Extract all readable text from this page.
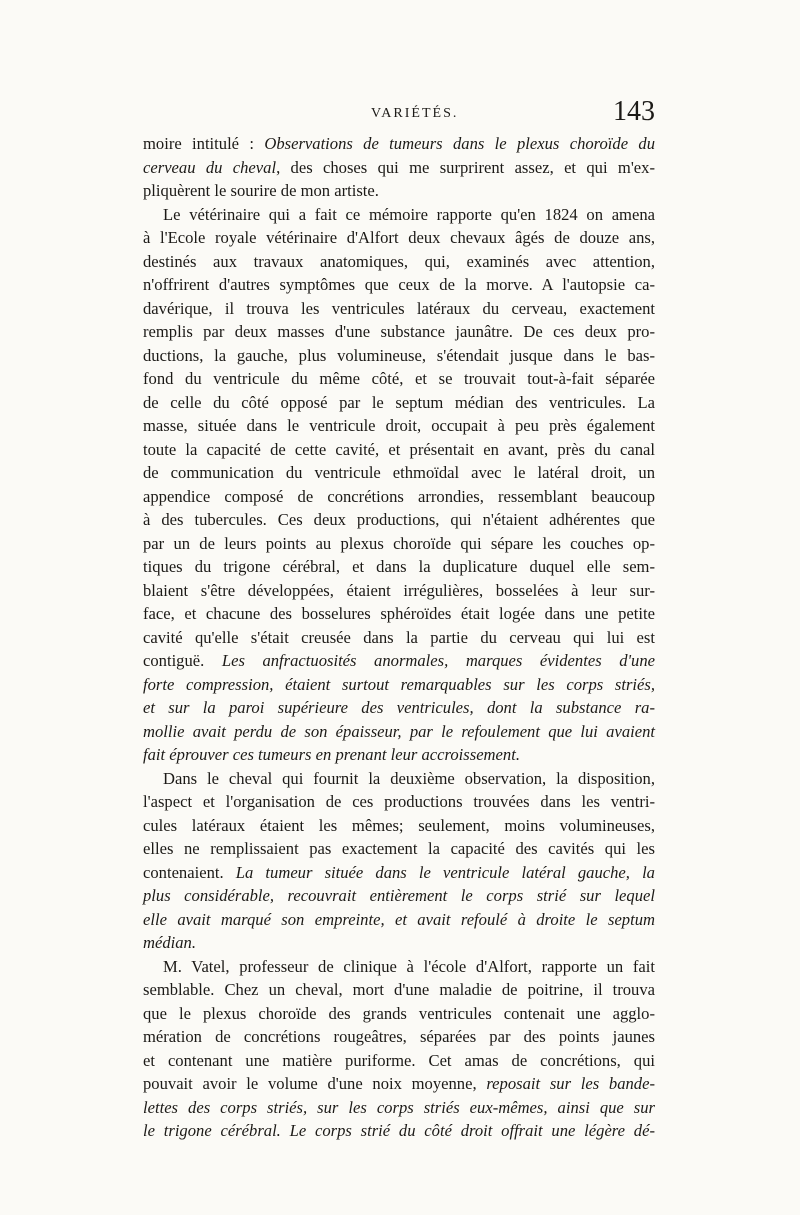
VARIÉTÉS.	143
moire intitulé : Observations de tumeurs dans le plexus choroïde du
cerveau du cheval, des choses qui me surprirent assez, et qui m'ex-
pliquèrent le sourire de mon artiste.
Le vétérinaire qui a fait ce mémoire rapporte qu'en 1824 on amena
à l'Ecole royale vétérinaire d'Alfort deux chevaux âgés de douze ans,
destinés aux travaux anatomiques, qui, examinés avec attention,
n'offrirent d'autres symptômes que ceux de la morve. A l'autopsie ca-
davérique, il trouva les ventricules latéraux du cerveau, exactement
remplis par deux masses d'une substance jaunâtre. De ces deux pro-
ductions, la gauche, plus volumineuse, s'étendait jusque dans le bas-
fond du ventricule du même côté, et se trouvait tout-à-fait séparée
de celle du côté opposé par le septum médian des ventricules. La
masse, située dans le ventricule droit, occupait à peu près également
toute la capacité de cette cavité, et présentait en avant, près du canal
de communication du ventricule ethmoïdal avec le latéral droit, un
appendice composé de concrétions arrondies, ressemblant beaucoup
à des tubercules. Ces deux productions, qui n'étaient adhérentes que
par un de leurs points au plexus choroïde qui sépare les couches op-
tiques du trigone cérébral, et dans la duplicature duquel elle sem-
blaient s'être développées, étaient irrégulières, bosselées à leur sur-
face, et chacune des bosselures sphéroïdes était logée dans une petite
cavité qu'elle s'était creusée dans la partie du cerveau qui lui est
contiguë. Les anfractuosités anormales, marques évidentes d'une
forte compression, étaient surtout remarquables sur les corps striés,
et sur la paroi supérieure des ventricules, dont la substance ra-
mollie avait perdu de son épaisseur, par le refoulement que lui avaient
fait éprouver ces tumeurs en prenant leur accroissement.
Dans le cheval qui fournit la deuxième observation, la disposition,
l'aspect et l'organisation de ces productions trouvées dans les ventri-
cules latéraux étaient les mêmes; seulement, moins volumineuses,
elles ne remplissaient pas exactement la capacité des cavités qui les
contenaient. La tumeur située dans le ventricule latéral gauche, la
plus considérable, recouvrait entièrement le corps strié sur lequel
elle avait marqué son empreinte, et avait refoulé à droite le septum
médian.
M. Vatel, professeur de clinique à l'école d'Alfort, rapporte un fait
semblable. Chez un cheval, mort d'une maladie de poitrine, il trouva
que le plexus choroïde des grands ventricules contenait une agglo-
mération de concrétions rougeâtres, séparées par des points jaunes
et contenant une matière puriforme. Cet amas de concrétions, qui
pouvait avoir le volume d'une noix moyenne, reposait sur les bande-
lettes des corps striés, sur les corps striés eux-mêmes, ainsi que sur
le trigone cérébral. Le corps strié du côté droit offrait une légère dé-
